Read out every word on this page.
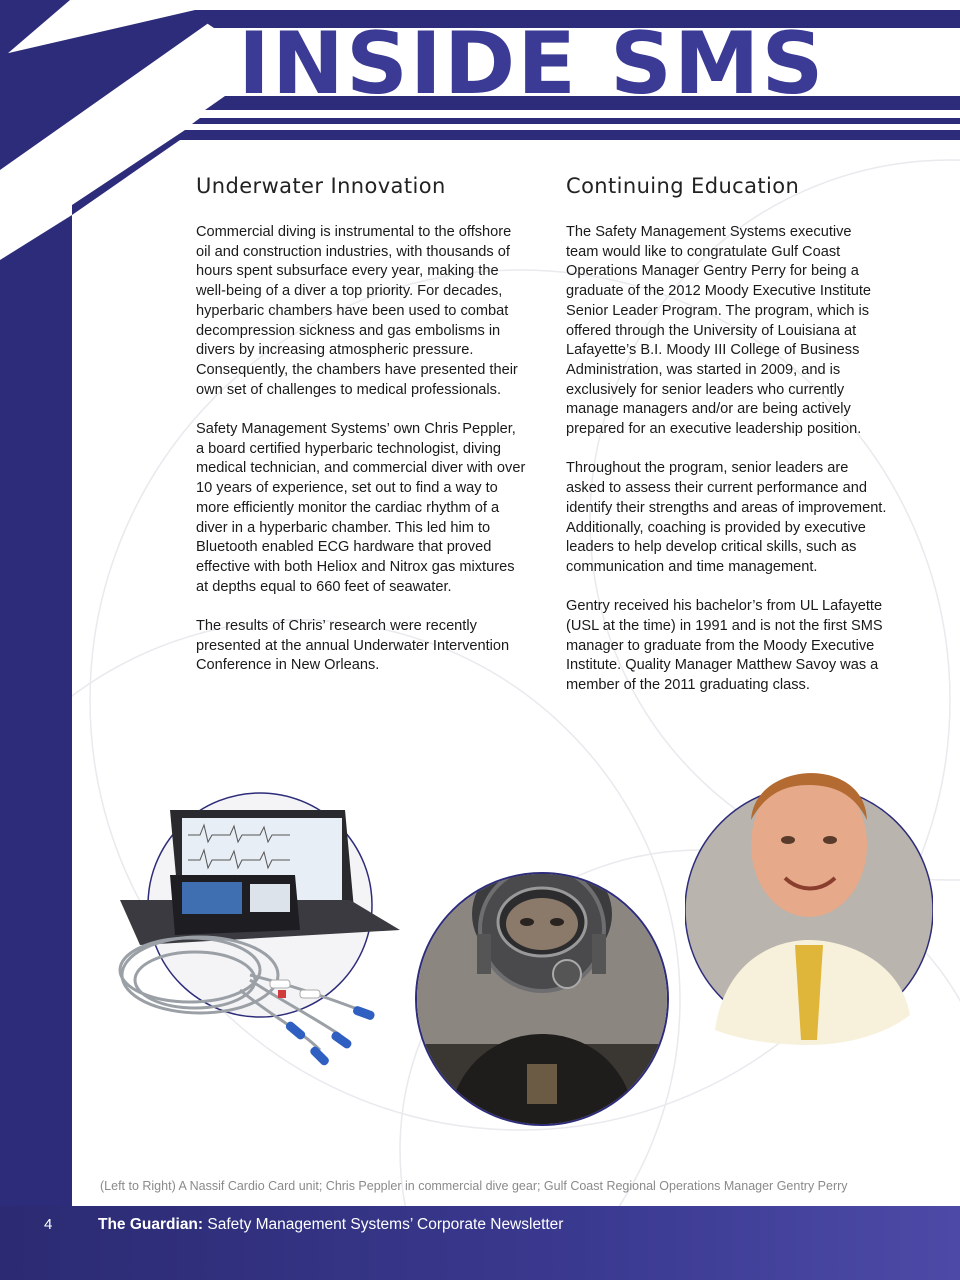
INSIDE SMS
Underwater Innovation

Commercial diving is instrumental to the offshore oil and construction industries, with thousands of hours spent subsurface every year, making the well-being of a diver a top priority. For decades, hyperbaric chambers have been used to combat decompression sickness and gas embolisms in divers by increasing atmospheric pressure. Consequently, the chambers have presented their own set of challenges to medical professionals.

Safety Management Systems’ own Chris Peppler, a board certified hyperbaric technologist, diving medical technician, and commercial diver with over 10 years of experience, set out to find a way to more efficiently monitor the cardiac rhythm of a diver in a hyperbaric chamber. This led him to Bluetooth enabled ECG hardware that proved effective with both Heliox and Nitrox gas mixtures at depths equal to 660 feet of seawater.

The results of Chris’ research were recently presented at the annual Underwater Intervention Conference in New Orleans.

Continuing Education

The Safety Management Systems executive team would like to congratulate Gulf Coast Operations Manager Gentry Perry for being a graduate of the 2012 Moody Executive Institute Senior Leader Program. The program, which is offered through the University of Louisiana at Lafayette’s B.I. Moody III College of Business Administration, was started in 2009, and is exclusively for senior leaders who currently manage managers and/or are being actively prepared for an executive leadership position.

Throughout the program, senior leaders are asked to assess their current performance and identify their strengths and areas of improvement. Additionally, coaching is provided by executive leaders to help develop critical skills, such as communication and time management.

Gentry received his bachelor’s from UL Lafayette (USL at the time) in 1991 and is not the first SMS manager to graduate from the Moody Executive Institute. Quality Manager Matthew Savoy was a member of the 2011 graduating class.

(Left to Right) A Nassif Cardio Card unit; Chris Peppler in commercial dive gear; Gulf Coast Regional Operations Manager Gentry Perry
4	The Guardian: Safety Management Systems’ Corporate Newsletter
